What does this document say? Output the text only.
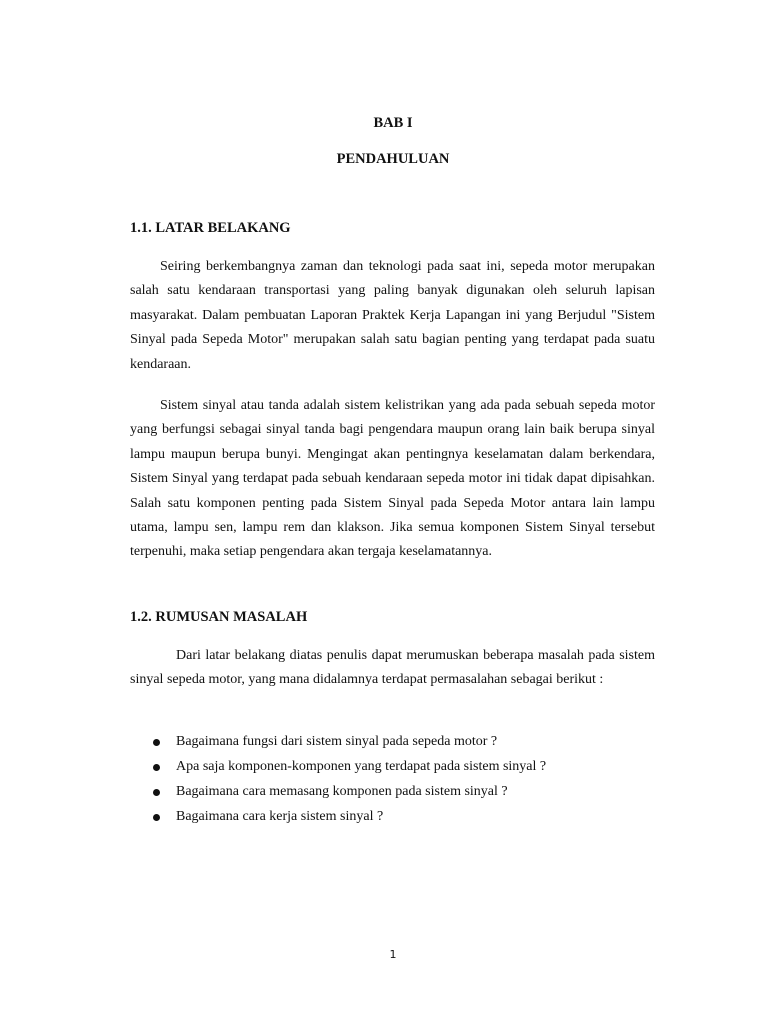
BAB I

PENDAHULUAN

1.1. LATAR BELAKANG

Seiring berkembangnya zaman dan teknologi pada saat ini, sepeda motor merupakan salah satu kendaraan transportasi yang paling banyak digunakan oleh seluruh lapisan masyarakat. Dalam pembuatan Laporan Praktek Kerja Lapangan ini yang Berjudul "Sistem Sinyal pada Sepeda Motor" merupakan salah satu bagian penting yang terdapat pada suatu kendaraan.

Sistem sinyal atau tanda adalah sistem kelistrikan yang ada pada sebuah sepeda motor yang berfungsi sebagai sinyal tanda bagi pengendara maupun orang lain baik berupa sinyal lampu maupun berupa bunyi. Mengingat akan pentingnya keselamatan dalam berkendara, Sistem Sinyal yang terdapat pada sebuah kendaraan sepeda motor ini tidak dapat dipisahkan. Salah satu komponen penting pada Sistem Sinyal pada Sepeda Motor antara lain lampu utama, lampu sen, lampu rem dan klakson. Jika semua komponen Sistem Sinyal tersebut terpenuhi, maka setiap pengendara akan tergaja keselamatannya.

1.2. RUMUSAN MASALAH

Dari latar belakang diatas penulis dapat merumuskan beberapa masalah pada sistem sinyal sepeda motor, yang mana didalamnya terdapat permasalahan sebagai berikut :

Bagaimana fungsi dari sistem sinyal pada sepeda motor ?
Apa saja komponen-komponen yang terdapat pada sistem sinyal ?
Bagaimana cara memasang komponen pada sistem sinyal ?
Bagaimana cara kerja sistem sinyal ?

1
